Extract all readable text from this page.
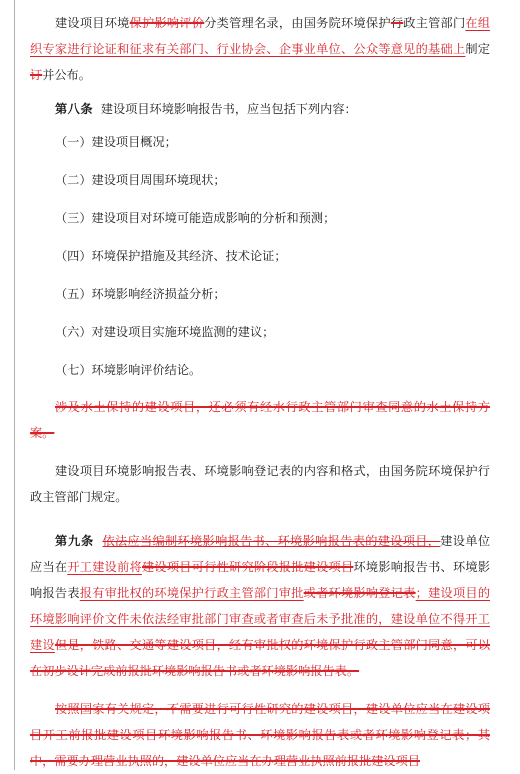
建设项目环境保护影响评价分类管理名录，由国务院环境保护行政主管部门在组织专家进行论证和征求有关部门、行业协会、企事业单位、公众等意见的基础上制定订并公布。

第八条 建设项目环境影响报告书，应当包括下列内容：

（一）建设项目概况；

（二）建设项目周围环境现状；

（三）建设项目对环境可能造成影响的分析和预测；

（四）环境保护措施及其经济、技术论证；

（五）环境影响经济损益分析；

（六）对建设项目实施环境监测的建议；

（七）环境影响评价结论。

涉及水土保持的建设项目，还必须有经水行政主管部门审查同意的水土保持方案。

建设项目环境影响报告表、环境影响登记表的内容和格式，由国务院环境保护行政主管部门规定。

第九条 依法应当编制环境影响报告书、环境影响报告表的建设项目，建设单位应当在开工建设前将建设项目可行性研究阶段报批建设项目环境影响报告书、环境影响报告表报有审批权的环境保护行政主管部门审批或者环境影响登记表；建设项目的环境影响评价文件未依法经审批部门审查或者审查后未予批准的，建设单位不得开工建设但是，铁路、交通等建设项目，经有审批权的环境保护行政主管部门同意，可以在初步设计完成前报批环境影响报告书或者环境影响报告表。

按照国家有关规定，不需要进行可行性研究的建设项目，建设单位应当在建设项目开工前报批建设项目环境影响报告书、环境影响报告表或者环境影响登记表；其中，需要办理营业执照的，建设单位应当在办理营业执照前报批建设项目
